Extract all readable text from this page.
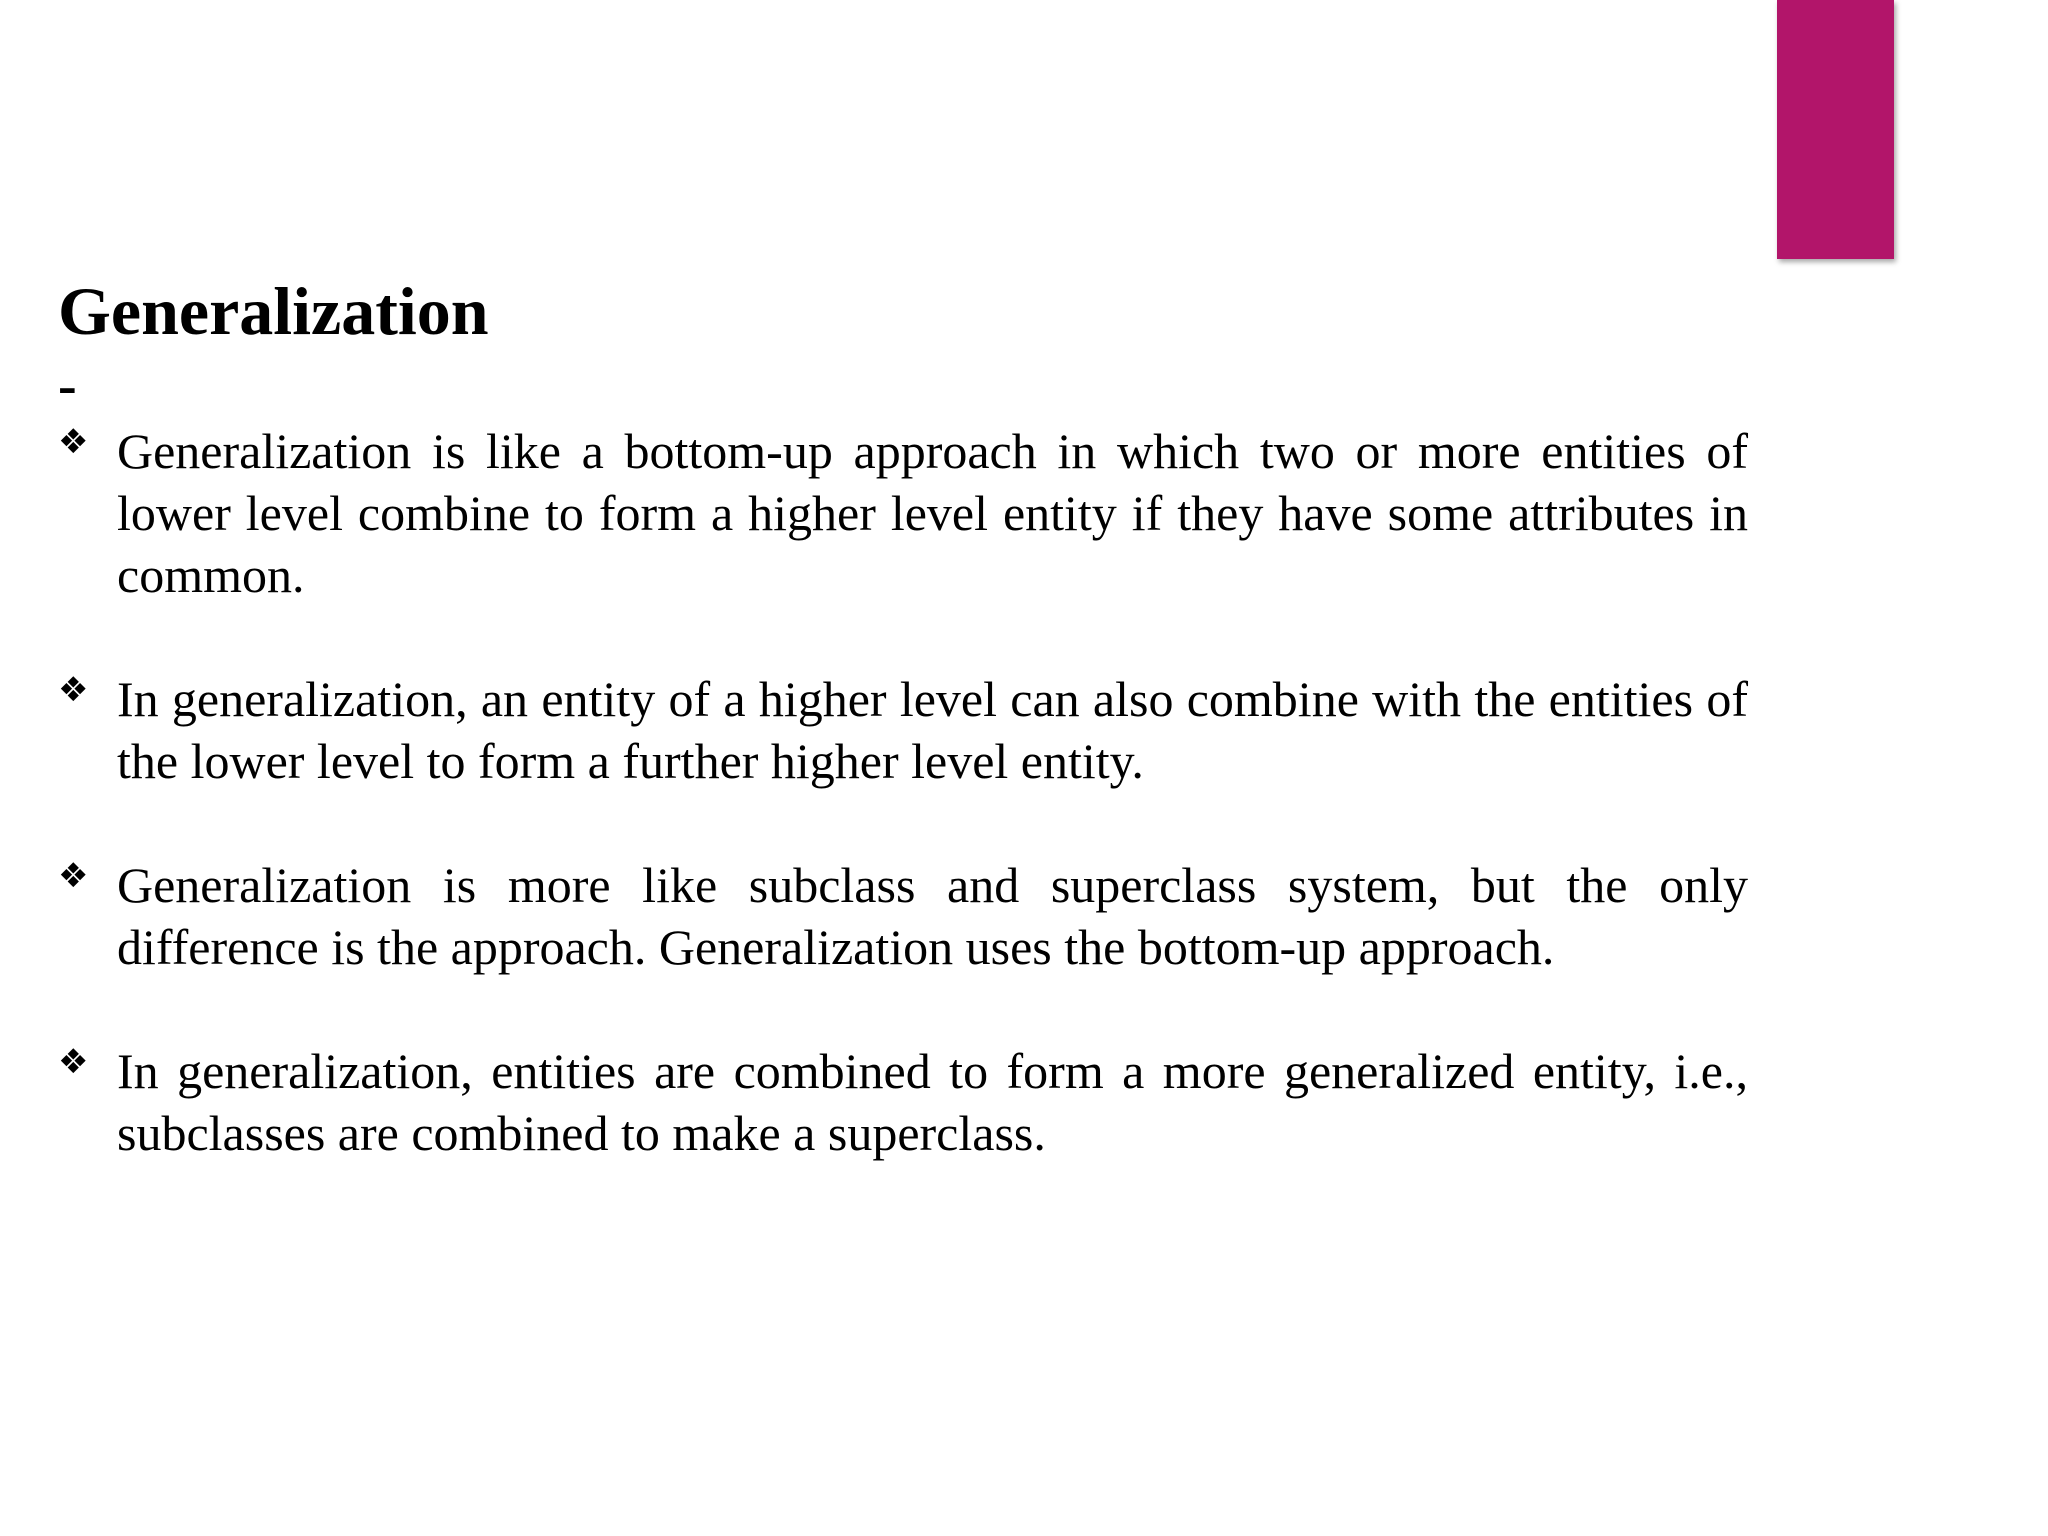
Generalization
-
❖ Generalization is like a bottom-up approach in which two or more entities of lower level combine to form a higher level entity if they have some attributes in common.
❖ In generalization, an entity of a higher level can also combine with the entities of the lower level to form a further higher level entity.
❖ Generalization is more like subclass and superclass system, but the only difference is the approach. Generalization uses the bottom-up approach.
❖ In generalization, entities are combined to form a more generalized entity, i.e., subclasses are combined to make a superclass.
